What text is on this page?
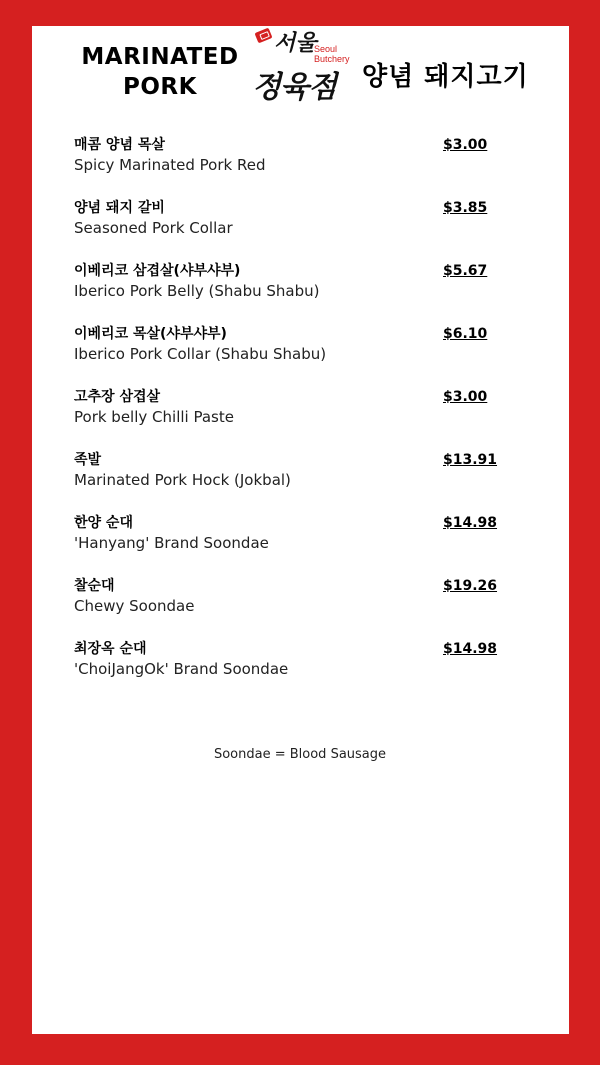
MARINATED
PORK
서울
Seoul
Butchery
정육점 양념 돼지고기
매콤 양념 목살
Spicy Marinated Pork Red
$3.00
양념 돼지 갈비
Seasoned Pork Collar
$3.85
이베리코 삼겹살(샤부샤부)
Iberico Pork Belly (Shabu Shabu)
$5.67
이베리코 목살(샤부샤부)
Iberico Pork Collar (Shabu Shabu)
$6.10
고추장 삼겹살
Pork belly Chilli Paste
$3.00
족발
Marinated Pork Hock (Jokbal)
$13.91
한양 순대
'Hanyang' Brand Soondae
$14.98
찰순대
Chewy Soondae
$19.26
최장옥 순대
'ChoiJangOk' Brand Soondae
$14.98
Soondae = Blood Sausage
